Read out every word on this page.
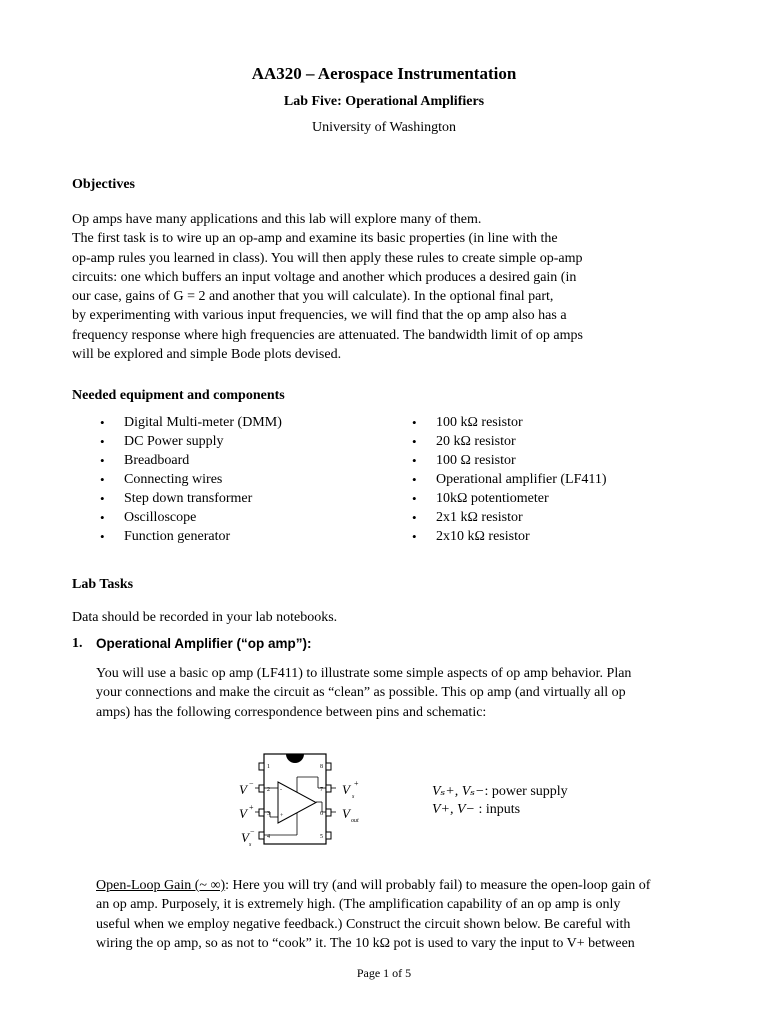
AA320 – Aerospace Instrumentation
Lab Five: Operational Amplifiers
University of Washington
Objectives
Op amps have many applications and this lab will explore many of them.
The first task is to wire up an op-amp and examine its basic properties (in line with the
op-amp rules you learned in class). You will then apply these rules to create simple op-amp
circuits: one which buffers an input voltage and another which produces a desired gain (in
our case, gains of G = 2 and another that you will calculate). In the optional final part,
by experimenting with various input frequencies, we will find that the op amp also has a
frequency response where high frequencies are attenuated. The bandwidth limit of op amps
will be explored and simple Bode plots devised.
Needed equipment and components
• Digital Multi-meter (DMM)
• DC Power supply
• Breadboard
• Connecting wires
• Step down transformer
• Oscilloscope
• Function generator
• 100 kΩ resistor
• 20 kΩ resistor
• 100 Ω resistor
• Operational amplifier (LF411)
• 10kΩ potentiometer
• 2x1 kΩ resistor
• 2x10 kΩ resistor
Lab Tasks
Data should be recorded in your lab notebooks.
1. Operational Amplifier (“op amp”):
You will use a basic op amp (LF411) to illustrate some simple aspects of op amp behavior. Plan
your connections and make the circuit as “clean” as possible. This op amp (and virtually all op
amps) has the following correspondence between pins and schematic:
-
+
1
2
3
4	5
6
7
8
V
V
V
V
V
−
+
−
+
s
s
out
Vₛ+, Vₛ−: power supply
V+, V− : inputs
Open-Loop Gain (~ ∞): Here you will try (and will probably fail) to measure the open-loop gain of
an op amp. Purposely, it is extremely high. (The amplification capability of an op amp is only
useful when we employ negative feedback.) Construct the circuit shown below. Be careful with
wiring the op amp, so as not to “cook” it. The 10 kΩ pot is used to vary the input to V+ between
Page 1 of 5
